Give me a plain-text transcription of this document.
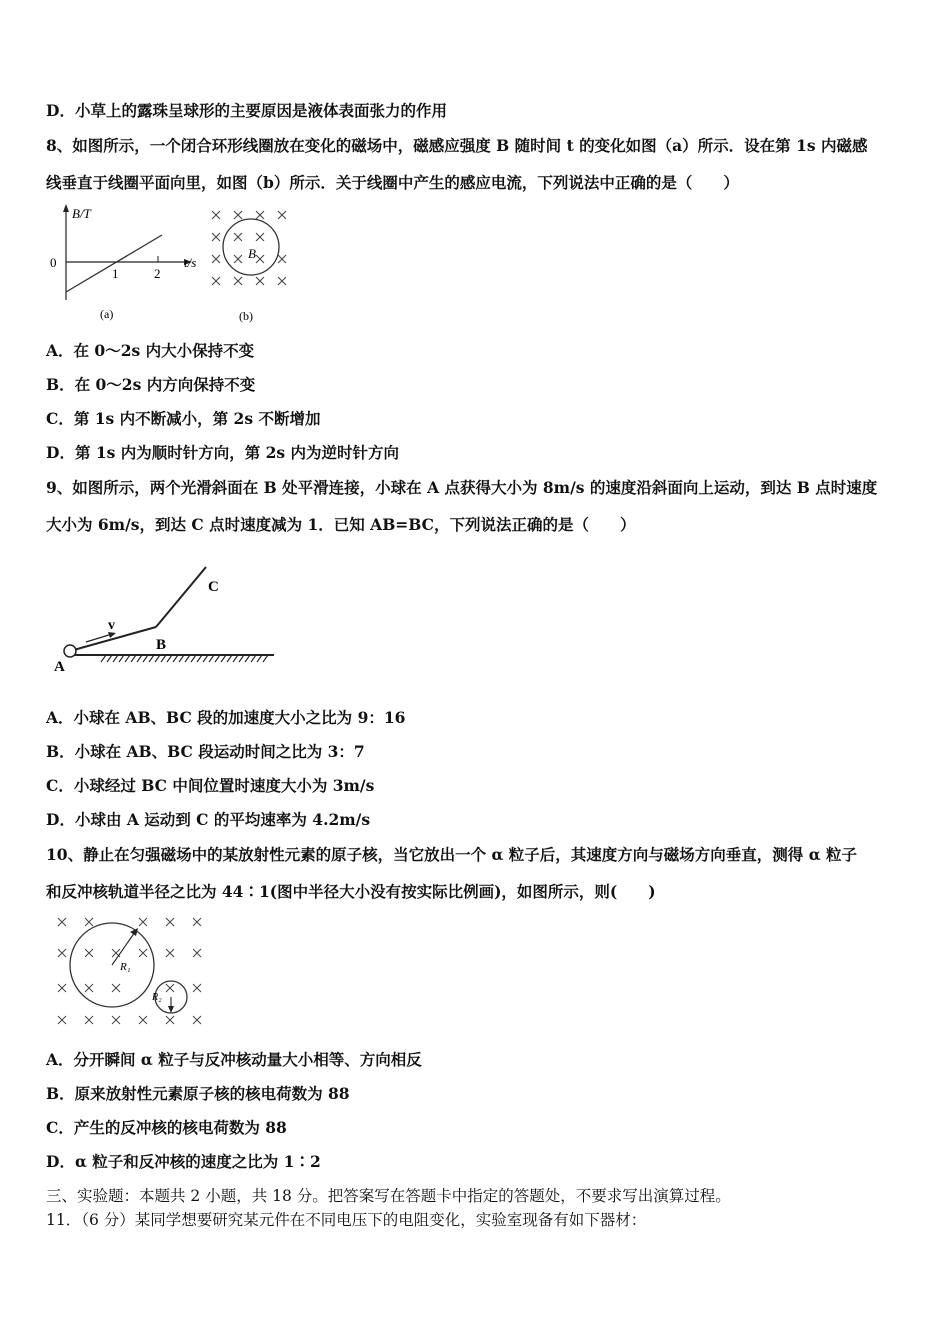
D．小草上的露珠呈球形的主要原因是液体表面张力的作用
8、如图所示，一个闭合环形线圈放在变化的磁场中，磁感应强度 B 随时间 t 的变化如图（a）所示．设在第 1s 内磁感
线垂直于线圈平面向里，如图（b）所示．关于线圈中产生的感应电流，下列说法中正确的是（　　）
B/T
0
1	2
t/s
(a)
B
(b)
A．在 0～2s 内大小保持不变
B．在 0～2s 内方向保持不变
C．第 1s 内不断减小，第 2s 不断增加
D．第 1s 内为顺时针方向，第 2s 内为逆时针方向
9、如图所示，两个光滑斜面在 B 处平滑连接，小球在 A 点获得大小为 8m/s 的速度沿斜面向上运动，到达 B 点时速度
大小为 6m/s，到达 C 点时速度减为 1．已知 AB=BC，下列说法正确的是（　　）
A
B
C
v
A．小球在 AB、BC 段的加速度大小之比为 9：16
B．小球在 AB、BC 段运动时间之比为 3：7
C．小球经过 BC 中间位置时速度大小为 3m/s
D．小球由 A 运动到 C 的平均速率为 4.2m/s
10、静止在匀强磁场中的某放射性元素的原子核，当它放出一个 α 粒子后，其速度方向与磁场方向垂直，测得 α 粒子
和反冲核轨道半径之比为 44∶1(图中半径大小没有按实际比例画)，如图所示，则(　　)
R₁
R₂
A．分开瞬间 α 粒子与反冲核动量大小相等、方向相反
B．原来放射性元素原子核的核电荷数为 88
C．产生的反冲核的核电荷数为 88
D．α 粒子和反冲核的速度之比为 1∶2
三、实验题：本题共 2 小题，共 18 分。把答案写在答题卡中指定的答题处，不要求写出演算过程。
11．（6 分）某同学想要研究某元件在不同电压下的电阻变化，实验室现备有如下器材：
